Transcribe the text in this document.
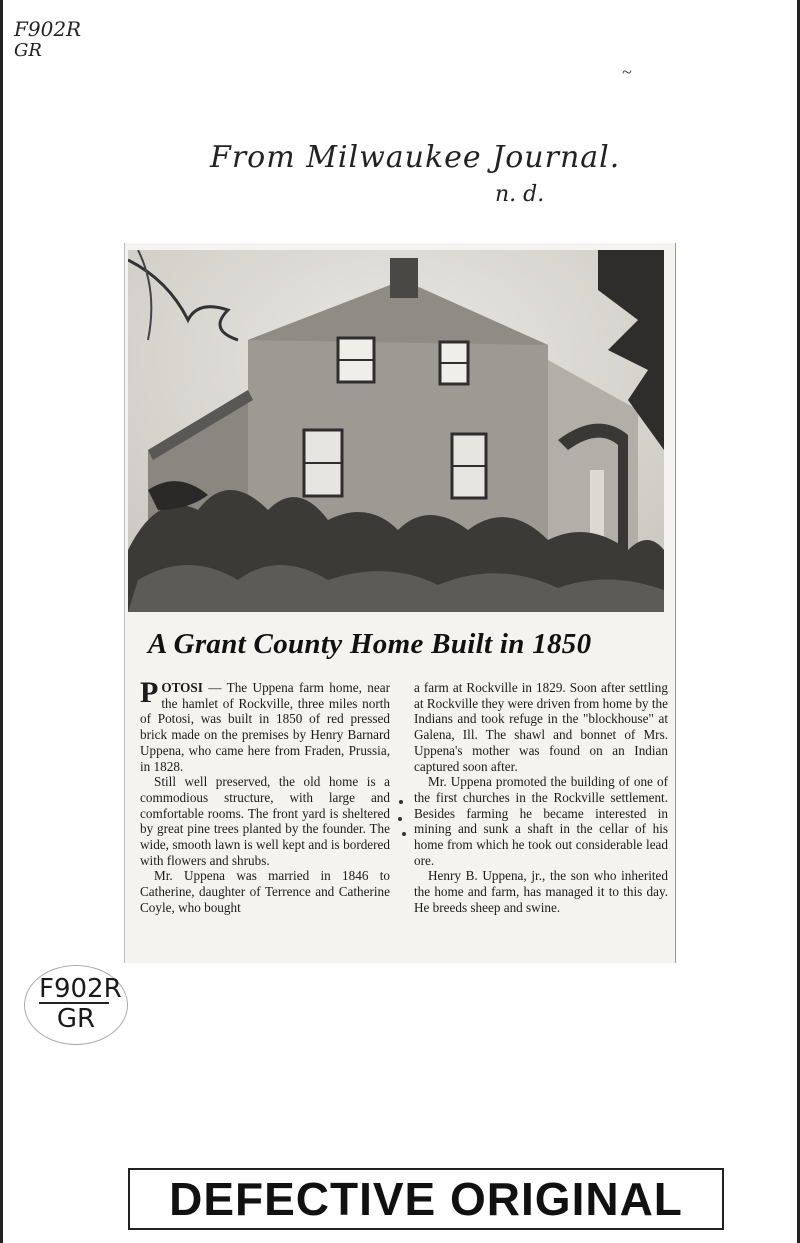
F902R
GR
~
From Milwaukee Journal.
n. d.
A Grant County Home Built in 1850

POTOSI — The Uppena farm home, near the hamlet of Rockville, three miles north of Potosi, was built in 1850 of red pressed brick made on the premises by Henry Barnard Uppena, who came here from Fraden, Prussia, in 1828.

Still well preserved, the old home is a commodious structure, with large and comfortable rooms. The front yard is sheltered by great pine trees planted by the founder. The wide, smooth lawn is well kept and is bordered with flowers and shrubs.

Mr. Uppena was married in 1846 to Catherine, daughter of Terrence and Catherine Coyle, who bought

a farm at Rockville in 1829. Soon after settling at Rockville they were driven from home by the Indians and took refuge in the "blockhouse" at Galena, Ill. The shawl and bonnet of Mrs. Uppena's mother was found on an Indian captured soon after.

Mr. Uppena promoted the building of one of the first churches in the Rockville settlement. Besides farming he became interested in mining and sunk a shaft in the cellar of his home from which he took out considerable lead ore.

Henry B. Uppena, jr., the son who inherited the home and farm, has managed it to this day. He breeds sheep and swine.

F902R
GR
DEFECTIVE ORIGINAL
